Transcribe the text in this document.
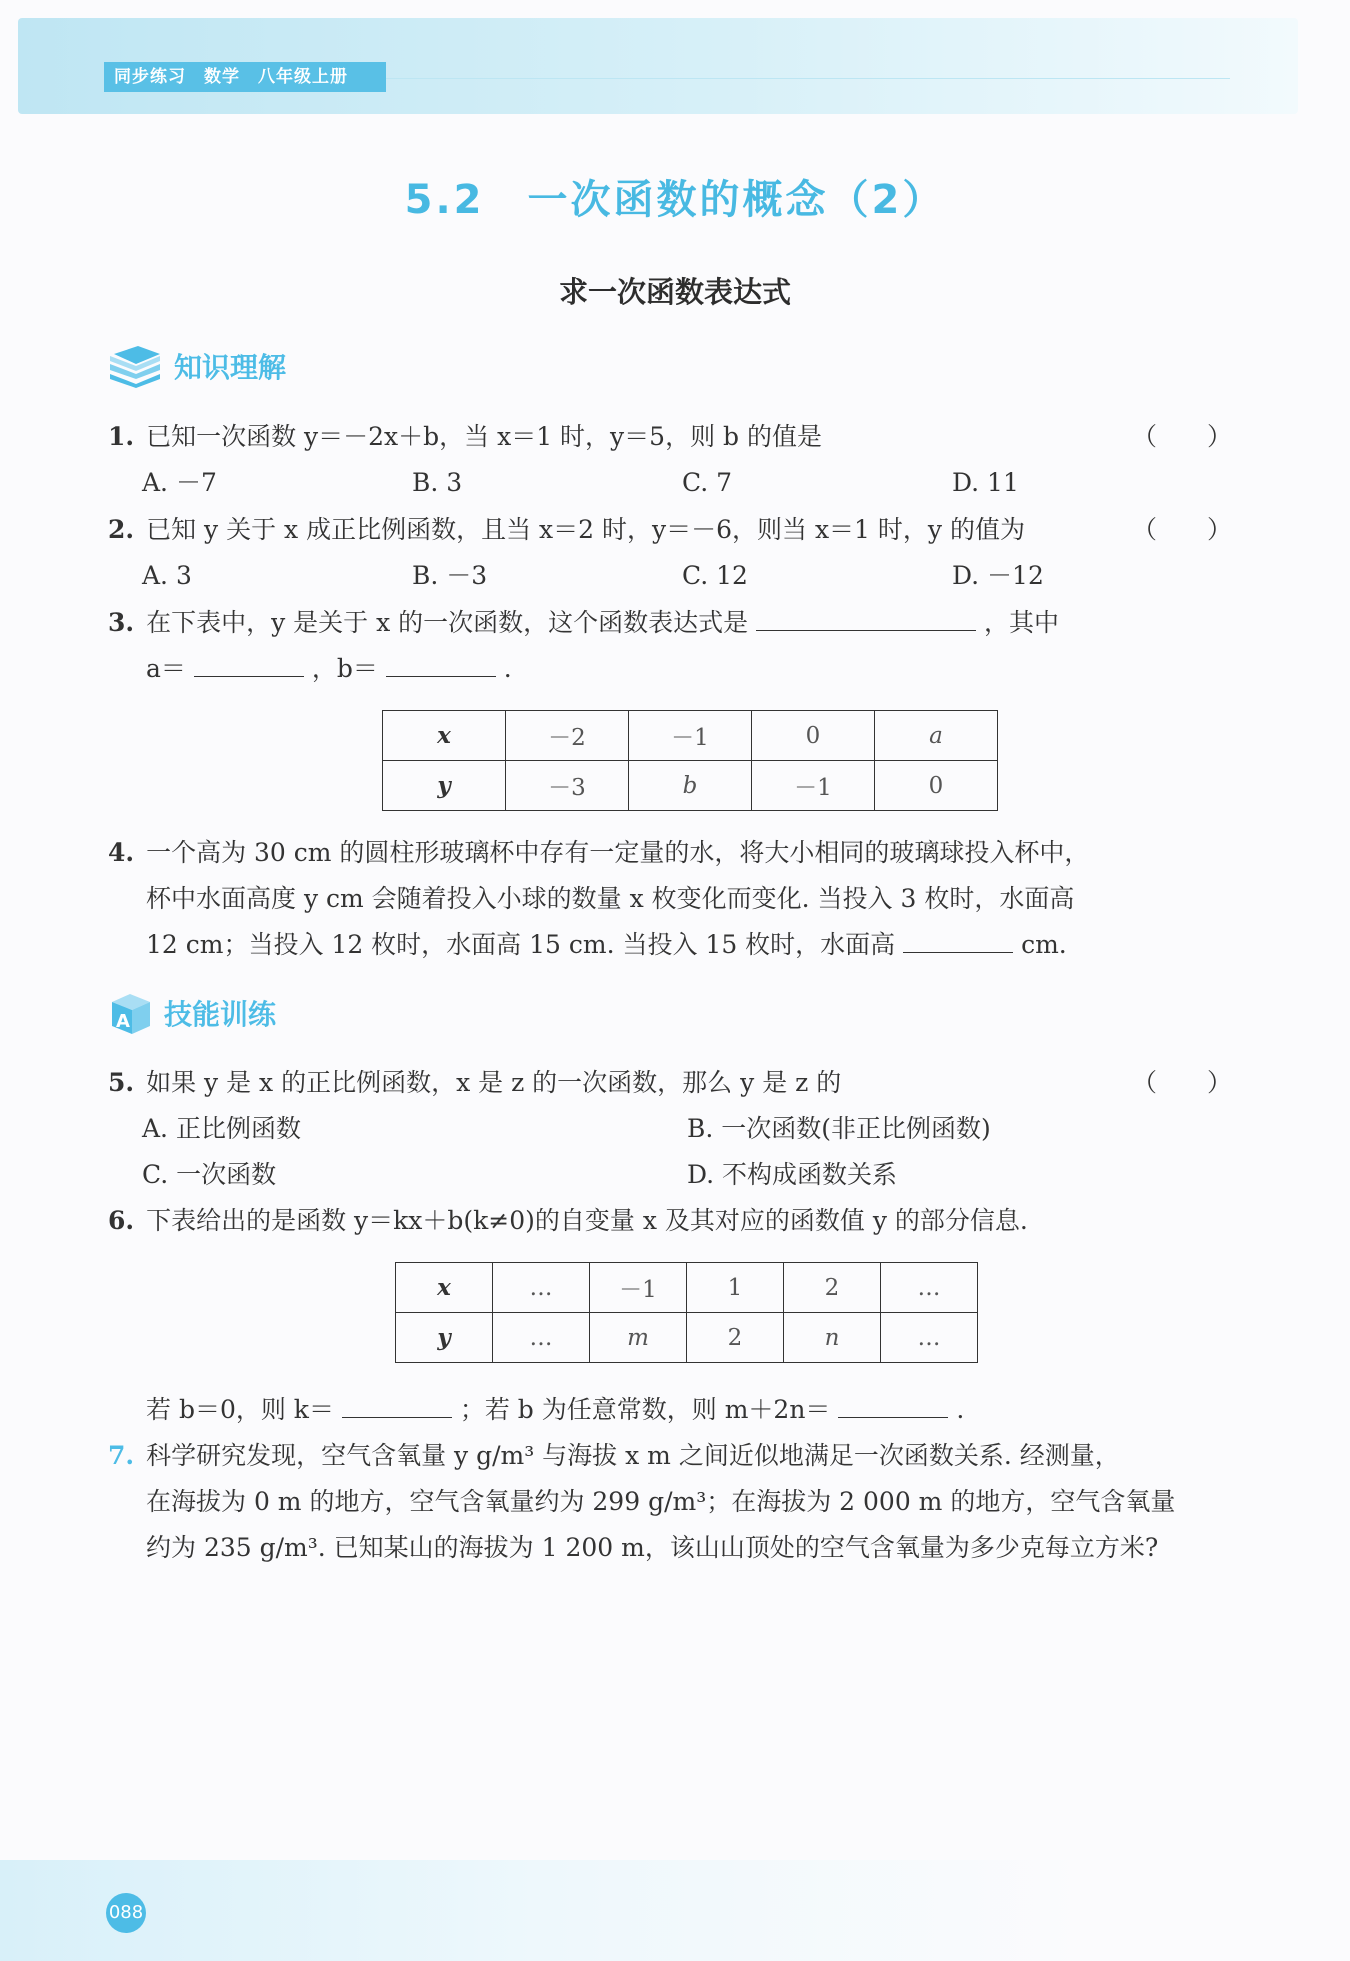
同步练习　数学　八年级上册
5.2　一次函数的概念（2）
求一次函数表达式
知识理解
1. 已知一次函数 y＝－2x＋b，当 x＝1 时，y＝5，则 b 的值是	（　　）
A. －7	B. 3	C. 7	D. 11
2. 已知 y 关于 x 成正比例函数，且当 x＝2 时，y＝－6，则当 x＝1 时，y 的值为	（　　）
A. 3	B. －3	C. 12	D. －12
3. 在下表中，y 是关于 x 的一次函数，这个函数表达式是	，其中
a＝	，b＝	.
x	－2	－1	0	a
y	－3	b	－1	0
4. 一个高为 30 cm 的圆柱形玻璃杯中存有一定量的水，将大小相同的玻璃球投入杯中，
杯中水面高度 y cm 会随着投入小球的数量 x 枚变化而变化. 当投入 3 枚时，水面高
12 cm；当投入 12 枚时，水面高 15 cm. 当投入 15 枚时，水面高	cm.
A 技能训练
5. 如果 y 是 x 的正比例函数，x 是 z 的一次函数，那么 y 是 z 的	（　　）
A. 正比例函数	B. 一次函数(非正比例函数)
C. 一次函数	D. 不构成函数关系
6. 下表给出的是函数 y＝kx＋b(k≠0)的自变量 x 及其对应的函数值 y 的部分信息.
x	…	－1	1	2	…
y	…	m	2	n	…
若 b＝0，则 k＝	；若 b 为任意常数，则 m＋2n＝	.
7. 科学研究发现，空气含氧量 y g/m³ 与海拔 x m 之间近似地满足一次函数关系. 经测量，
在海拔为 0 m 的地方，空气含氧量约为 299 g/m³；在海拔为 2 000 m 的地方，空气含氧量
约为 235 g/m³. 已知某山的海拔为 1 200 m，该山山顶处的空气含氧量为多少克每立方米?
088
